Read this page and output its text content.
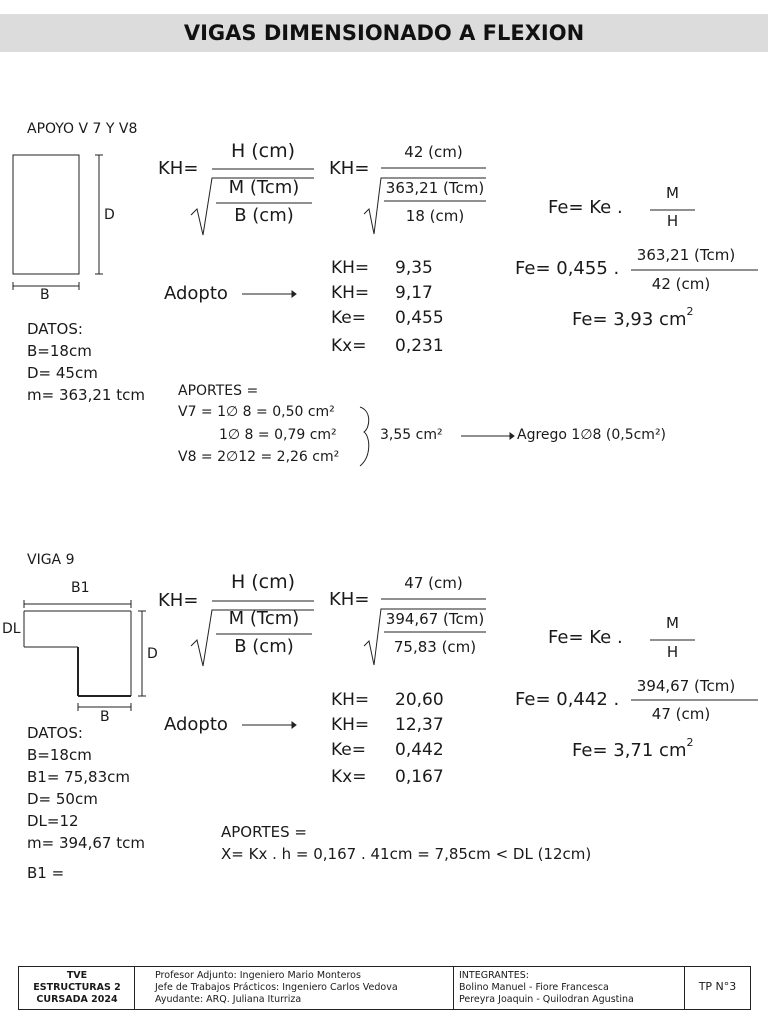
VIGAS DIMENSIONADO A FLEXION
APOYO V 7 Y V8
D
B
KH=
H (cm)
M (Tcm)
B (cm)
KH=
42 (cm)
363,21 (Tcm)
18 (cm)	Fe= Ke .
M
H
Fe= 0,455 .
363,21 (Tcm)
42 (cm)
Fe= 3,93 $cm^2$
Adopto
KH= 9,35
KH= 9,17
Ke= 0,455
Kx= 0,231
DATOS:
B=18cm
D= 45cm
m= 363,21 tcm APORTES =
V7 = 1∅ 8 = 0,50 cm²
1∅ 8 = 0,79 cm²
V8 = 2∅12 = 2,26 cm²
3,55 cm²	Agrego 1∅8 (0,5cm²)
VIGA 9
B1
DL
D
B
KH=
H (cm)
M (Tcm)
B (cm)
KH=
47 (cm)
394,67 (Tcm)
75,83 (cm)	Fe= Ke .
M
H
Fe= 0,442 .
394,67 (Tcm)
47 (cm)
Fe= 3,71 $cm^2$
Adopto
KH= 20,60
KH= 12,37
Ke= 0,442
Kx= 0,167
DATOS:
B=18cm
B1= 75,83cm
D= 50cm
DL=12
m= 394,67 tcm
B1 =
APORTES =
X= Kx . h = 0,167 . 41cm = 7,85cm < DL (12cm)
TVE
ESTRUCTURAS 2
CURSADA 2024
Profesor Adjunto: Ingeniero Mario Monteros
Jefe de Trabajos Prácticos: Ingeniero Carlos Vedova
Ayudante: ARQ. Juliana Iturriza
INTEGRANTES:
Bolino Manuel - Fiore Francesca
Pereyra Joaquin - Quilodran Agustina
TP N°3
